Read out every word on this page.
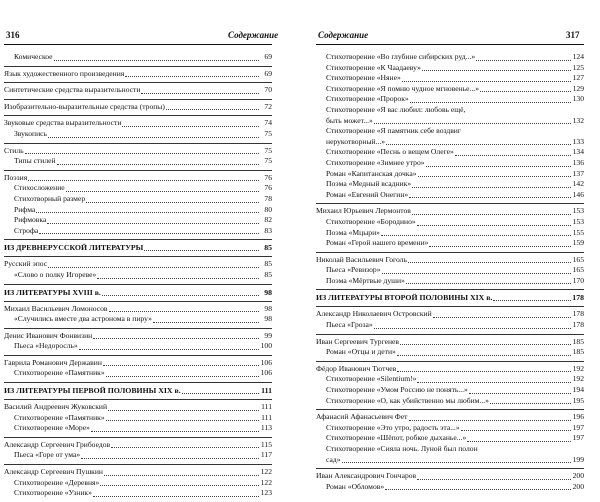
316	Содержание	Содержание	317
Комическое	69
Язык художественного произведения	69
Синтетические средства выразительности	70
Изобразительно-выразительные средства (тропы)	72
Звуковые средства выразительности	74
Звукопись	75
Стиль	75
Типы стилей	75
Поэзия	76
Стихосложение	76
Стихотворный размер	78
Рифма	80
Рифмовка	82
Строфа	83
ИЗ ДРЕВНЕРУССКОЙ ЛИТЕРАТУРЫ	85
Русский эпос	85
«Слово о полку Игореве»	85
ИЗ ЛИТЕРАТУРЫ XVIII в.	98
Михаил Васильевич Ломоносов	98
«Случились вместе два астронома в пиру»	98
Денис Иванович Фонвизин	99
Пьеса «Недоросль»	100
Гаврила Романович Державин	106
Стихотворение «Памятник»	106
ИЗ ЛИТЕРАТУРЫ ПЕРВОЙ ПОЛОВИНЫ XIX в.	111
Василий Андреевич Жуковский	111
Стихотворение «Памятник»	111
Стихотворение «Море»	113
Александр Сергеевич Грибоедов	115
Пьеса «Горе от ума»	117
Александр Сергеевич Пушкин	122
Стихотворение «Деревня»	122
Стихотворение «Узник»	123
Стихотворение «Во глубине сибирских руд...»	124
Стихотворение «К Чаадаеву»	125
Стихотворение «Няне»	127
Стихотворение «Я помню чудное мгновенье...»	129
Стихотворение «Пророк»	130
Стихотворение «Я вас любил: любовь ещё,
быть может...»	132
Стихотворение «Я памятник себе воздвиг
нерукотворный...»	133
Стихотворение «Песнь о вещем Олеге»	134
Стихотворение «Зимнее утро»	136
Роман «Капитанская дочка»	137
Поэма «Медный всадник»	142
Роман «Евгений Онегин»	146
Михаил Юрьевич Лермонтов	153
Стихотворение «Бородино»	153
Поэма «Мцыри»	155
Роман «Герой нашего времени»	159
Николай Васильевич Гоголь	165
Пьеса «Ревизор»	165
Поэма «Мёртвые души»	170
ИЗ ЛИТЕРАТУРЫ ВТОРОЙ ПОЛОВИНЫ XIX в.	178
Александр Николаевич Островский	178
Пьеса «Гроза»	178
Иван Сергеевич Тургенев	185
Роман «Отцы и дети»	185
Фёдор Иванович Тютчев	192
Стихотворение «Silentium!»	192
Стихотворение «Умом Россию не понять...»	194
Стихотворение «О, как убийственно мы любим...»	195
Афанасий Афанасьевич Фет	196
Стихотворение «Это утро, радость эта...»	197
Стихотворение «Шёпот, робкое дыханье...»	197
Стихотворение «Сияла ночь. Луной был полон
сад»	199
Иван Александрович Гончаров	200
Роман «Обломов»	200
